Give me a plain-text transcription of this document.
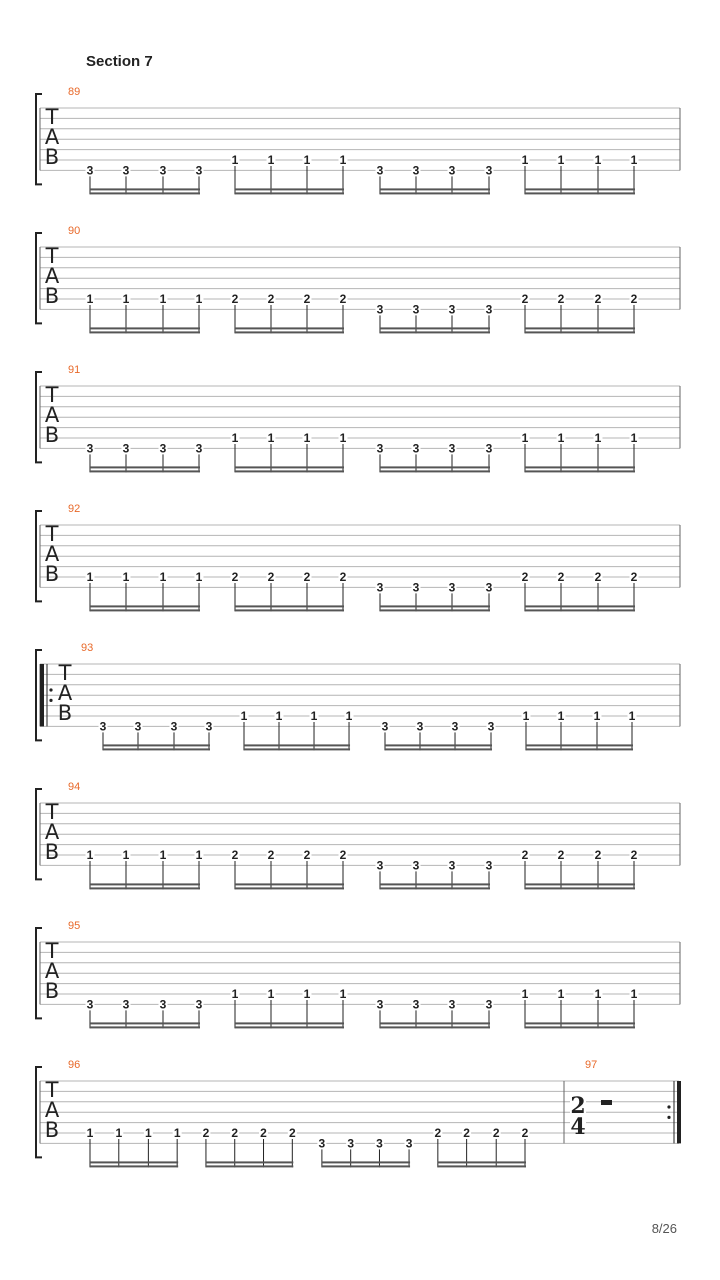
Section 7
T
A
B
89
3 3	3 3
1 1 1 1
3 3 3	3
1 1	1 1
T
A
B
90
1 1	1 1 2 2 2 2
3 3 3	3
2 2	2 2
T
A
B
91
3 3	3 3
1 1 1 1
3 3 3	3
1 1	1 1
T
A
B
92
1 1	1 1 2 2 2 2
3 3 3	3
2 2	2 2
T
A
B
93
3 3 3 3
1 1 1 1
3 3 3 3
1 1 1 1
T
A
B
94
1 1	1 1 2 2 2 2
3 3 3	3
2 2	2 2
T
A
B
95
3 3	3 3
1 1 1 1
3 3 3	3
1 1	1 1
T
A
B
96
1 1 1 1 2 2 2 2
3 3 3 3
2 2 2 2
97
2
4
8/26
